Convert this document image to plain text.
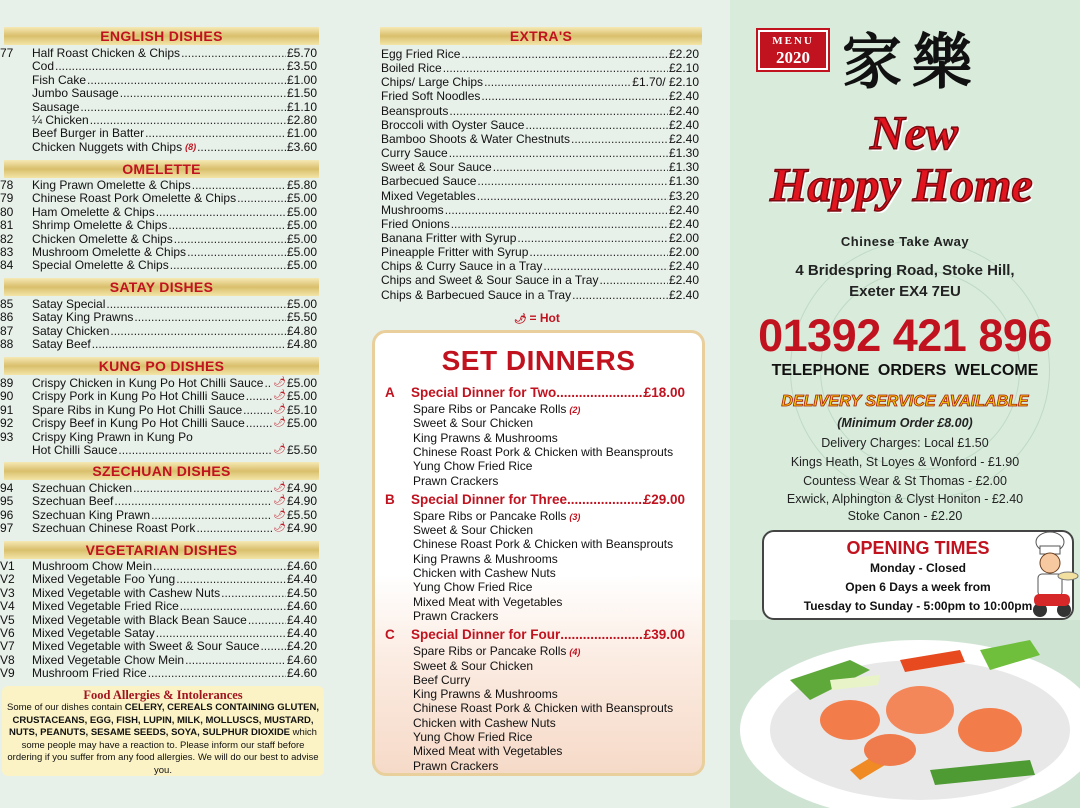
ENGLISH DISHES
77	Half Roast Chicken & Chips .....	£5.70
Cod .....	£3.50
Fish Cake .....	£1.00
Jumbo Sausage .....	£1.50
Sausage .....	£1.10
¼ Chicken .....	£2.80
Beef Burger in Batter .....	£1.00
Chicken Nuggets with Chips (8) .....	£3.60
OMELETTE
78	King Prawn Omelette & Chips .....	£5.80
79	Chinese Roast Pork Omelette & Chips .....	£5.00
80	Ham Omelette & Chips .....	£5.00
81	Shrimp Omelette & Chips .....	£5.00
82	Chicken Omelette & Chips .....	£5.00
83	Mushroom Omelette & Chips .....	£5.00
84	Special Omelette & Chips .....	£5.00
SATAY DISHES
85	Satay Special .....	£5.00
86	Satay King Prawns .....	£5.50
87	Satay Chicken .....	£4.80
88	Satay Beef .....	£4.80
KUNG PO DISHES
89	Crispy Chicken in Kung Po Hot Chilli Sauce ..... 🌶 £5.00
90	Crispy Pork in Kung Po Hot Chilli Sauce .....	🌶 £5.00
91	Spare Ribs in Kung Po Hot Chilli Sauce .....	🌶 £5.10
92	Crispy Beef in Kung Po Hot Chilli Sauce .....	🌶 £5.00
93	Crispy King Prawn in Kung Po
Hot Chilli Sauce .....	🌶 £5.50
SZECHUAN DISHES
94	Szechuan Chicken .....	🌶 £4.90
95	Szechuan Beef .....	🌶 £4.90
96	Szechuan King Prawn .....	🌶 £5.50
97	Szechuan Chinese Roast Pork .....	🌶 £4.90
VEGETARIAN DISHES
V1	Mushroom Chow Mein .....	£4.60
V2	Mixed Vegetable Foo Yung .....	£4.40
V3	Mixed Vegetable with Cashew Nuts .....	£4.50
V4	Mixed Vegetable Fried Rice .....	£4.60
V5	Mixed Vegetable with Black Bean Sauce .....	£4.40
V6	Mixed Vegetable Satay .....	£4.40
V7	Mixed Vegetable with Sweet & Sour Sauce ..... £4.20
V8	Mixed Vegetable Chow Mein .....	£4.60
V9	Mushroom Fried Rice .....	£4.60
Food Allergies & Intolerances
Some of our dishes contain CELERY, CEREALS CONTAINING GLUTEN, CRUSTACEANS, EGG, FISH, LUPIN, MILK, MOLLUSCS, MUSTARD, NUTS, PEANUTS, SESAME SEEDS, SOYA, SULPHUR DIOXIDE which some people may have a reaction to. Please inform our staff before ordering if you suffer from any food allergies. We will do our best to advise you.
EXTRA'S
Egg Fried Rice .....	£2.20
Boiled Rice .....	£2.10
Chips/ Large Chips .....	£1.70/ £2.10
Fried Soft Noodles .....	£2.40
Beansprouts .....	£2.40
Broccoli with Oyster Sauce .....	£2.40
Bamboo Shoots & Water Chestnuts .....	£2.40
Curry Sauce .....	£1.30
Sweet & Sour Sauce .....	£1.30
Barbecued Sauce .....	£1.30
Mixed Vegetables .....	£3.20
Mushrooms .....	£2.40
Fried Onions .....	£2.40
Banana Fritter with Syrup .....	£2.00
Pineapple Fritter with Syrup .....	£2.00
Chips & Curry Sauce in a Tray .....	£2.40
Chips and Sweet & Sour Sauce in a Tray .....	£2.40
Chips & Barbecued Sauce in a Tray .....	£2.40
🌶 = Hot
SET DINNERS
A	Special Dinner for Two .....	£18.00
Spare Ribs or Pancake Rolls (2)
Sweet & Sour Chicken
King Prawns & Mushrooms
Chinese Roast Pork & Chicken with Beansprouts
Yung Chow Fried Rice
Prawn Crackers
B	Special Dinner for Three .....	£29.00
Spare Ribs or Pancake Rolls (3)
Sweet & Sour Chicken
Chinese Roast Pork & Chicken with Beansprouts
King Prawns & Mushrooms
Chicken with Cashew Nuts
Yung Chow Fried Rice
Mixed Meat with Vegetables
Prawn Crackers
C	Special Dinner for Four .....	£39.00
Spare Ribs or Pancake Rolls (4)
Sweet & Sour Chicken
Beef Curry
King Prawns & Mushrooms
Chinese Roast Pork & Chicken with Beansprouts
Chicken with Cashew Nuts
Yung Chow Fried Rice
Mixed Meat with Vegetables
Prawn Crackers
MENU
2020 家樂
New
Happy Home
Chinese Take Away
4 Bridespring Road, Stoke Hill,
Exeter EX4 7EU
01392 421 896
TELEPHONE ORDERS WELCOME
DELIVERY SERVICE AVAILABLE
(Minimum Order £8.00)
Delivery Charges: Local £1.50
Kings Heath, St Loyes & Wonford - £1.90
Countess Wear & St Thomas - £2.00
Exwick, Alphington & Clyst Honiton - £2.40
Stoke Canon - £2.20
OPENING TIMES
Monday - Closed
Open 6 Days a week from
Tuesday to Sunday - 5:00pm to 10:00pm
